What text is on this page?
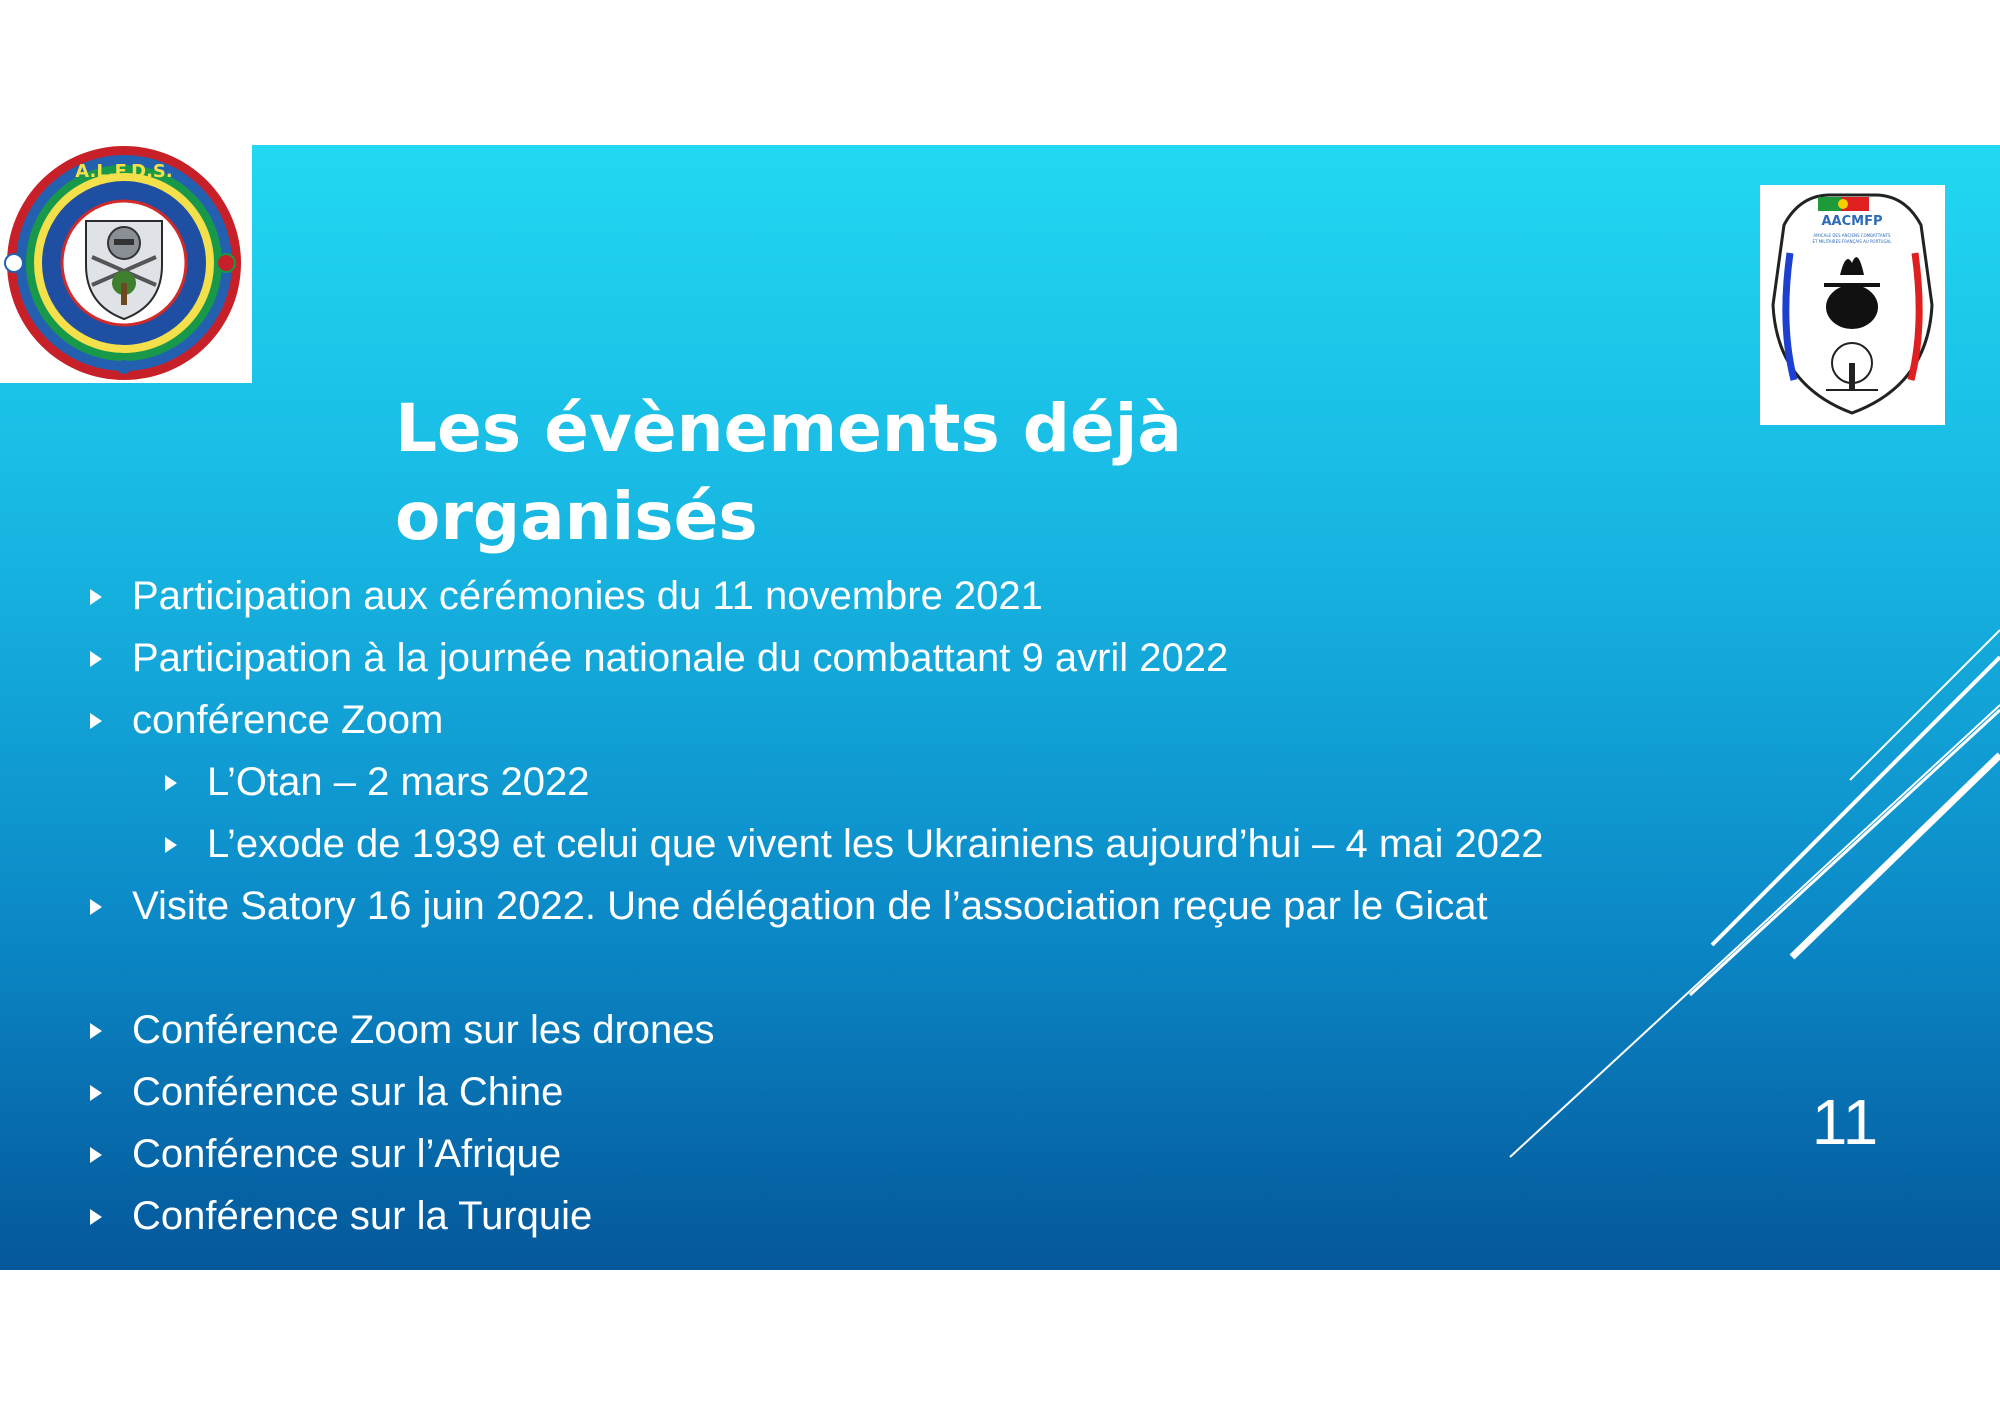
A.L.F.D.S.
AACMFP
AMICALE DES ANCIENS COMBATTANTS
ET MILITAIRES FRANÇAIS AU PORTUGAL
Les évènements déjà organisés
Participation aux cérémonies du 11 novembre 2021
Participation à la journée nationale du combattant 9 avril 2022
conférence Zoom
L’Otan – 2 mars 2022
L’exode de 1939 et celui que vivent les Ukrainiens aujourd’hui – 4 mai 2022
Visite Satory 16 juin 2022. Une délégation de l’association reçue par le Gicat
Conférence Zoom sur les drones
Conférence sur la Chine
Conférence sur l’Afrique
Conférence sur la Turquie
11
